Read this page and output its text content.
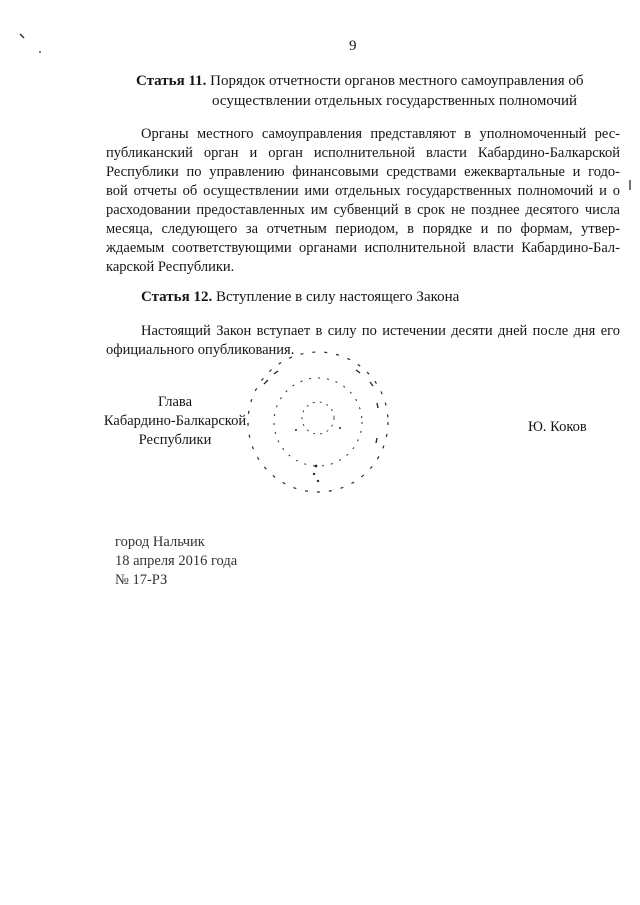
9
Статья 11. Порядок отчетности органов местного самоуправления об
осуществлении отдельных государственных полномочий
Органы местного самоуправления представляют в уполномоченный рес-
публиканский орган и орган исполнительной власти Кабардино-Балкарской
Республики по управлению финансовыми средствами ежеквартальные и годо-
вой отчеты об осуществлении ими отдельных государственных полномочий и о
расходовании предоставленных им субвенций в срок не позднее десятого числа
месяца, следующего за отчетным периодом, в порядке и по формам, утвер-
ждаемым соответствующими органами исполнительной власти Кабардино-Бал-
карской Республики.
Статья 12. Вступление в силу настоящего Закона
Настоящий Закон вступает в силу по истечении десяти дней после дня его
официального опубликования.
Глава
Кабардино-Балкарской
Республики
Ю. Коков
город Нальчик
18 апреля 2016 года
№ 17-РЗ
